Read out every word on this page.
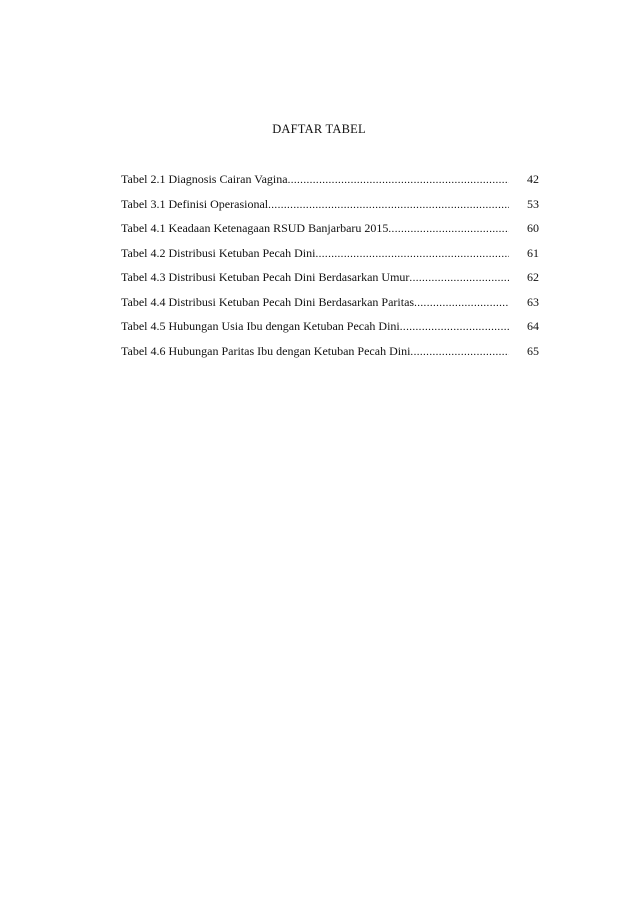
DAFTAR TABEL
Tabel 2.1 Diagnosis Cairan Vagina .....	42
Tabel 3.1 Definisi Operasional .....	53
Tabel 4.1 Keadaan Ketenagaan RSUD Banjarbaru 2015 .....	60
Tabel 4.2 Distribusi Ketuban Pecah Dini .....	61
Tabel 4.3 Distribusi Ketuban Pecah Dini Berdasarkan Umur .....	62
Tabel 4.4 Distribusi Ketuban Pecah Dini Berdasarkan Paritas .....	63
Tabel 4.5 Hubungan Usia Ibu dengan Ketuban Pecah Dini .....	64
Tabel 4.6 Hubungan Paritas Ibu dengan Ketuban Pecah Dini .....	65
